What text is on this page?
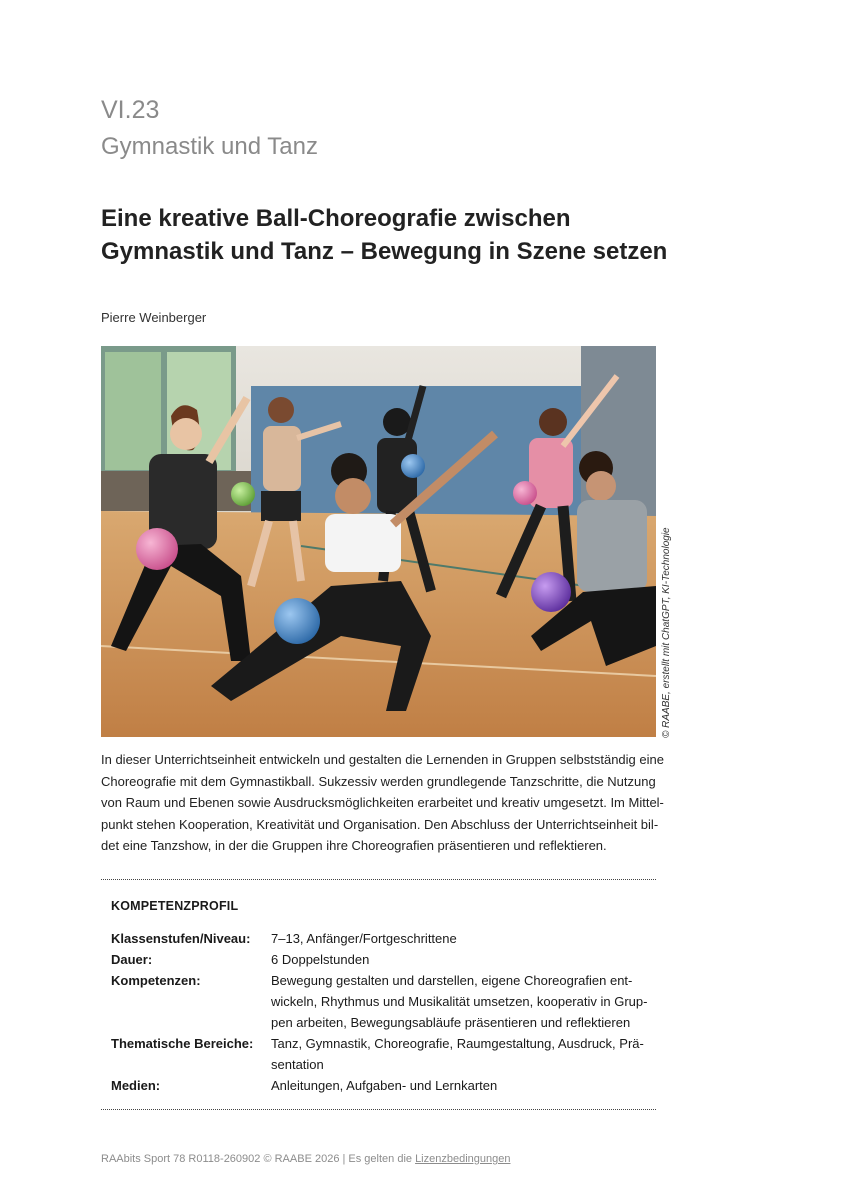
VI.23
Gymnastik und Tanz
Eine kreative Ball-Choreografie zwischen
Gymnastik und Tanz – Bewegung in Szene setzen
Pierre Weinberger
© RAABE, erstellt mit ChatGPT, KI-Technologie
In dieser Unterrichtseinheit entwickeln und gestalten die Lernenden in Gruppen selbstständig eine
Choreografie mit dem Gymnastikball. Sukzessiv werden grundlegende Tanzschritte, die Nutzung
von Raum und Ebenen sowie Ausdrucksmöglichkeiten erarbeitet und kreativ umgesetzt. Im Mittel-
punkt stehen Kooperation, Kreativität und Organisation. Den Abschluss der Unterrichtseinheit bil-
det eine Tanzshow, in der die Gruppen ihre Choreografien präsentieren und reflektieren.
KOMPETENZPROFIL
Klassenstufen/Niveau: 7–13, Anfänger/Fortgeschrittene
Dauer:	6 Doppelstunden
Kompetenzen:	Bewegung gestalten und darstellen, eigene Choreografien ent-
wickeln, Rhythmus und Musikalität umsetzen, kooperativ in Grup-
pen arbeiten, Bewegungsabläufe präsentieren und reflektieren
Thematische Bereiche: Tanz, Gymnastik, Choreografie, Raumgestaltung, Ausdruck, Prä-
sentation
Medien:	Anleitungen, Aufgaben- und Lernkarten
RAAbits Sport 78 R0118-260902 © RAABE 2026 | Es gelten die Lizenzbedingungen
